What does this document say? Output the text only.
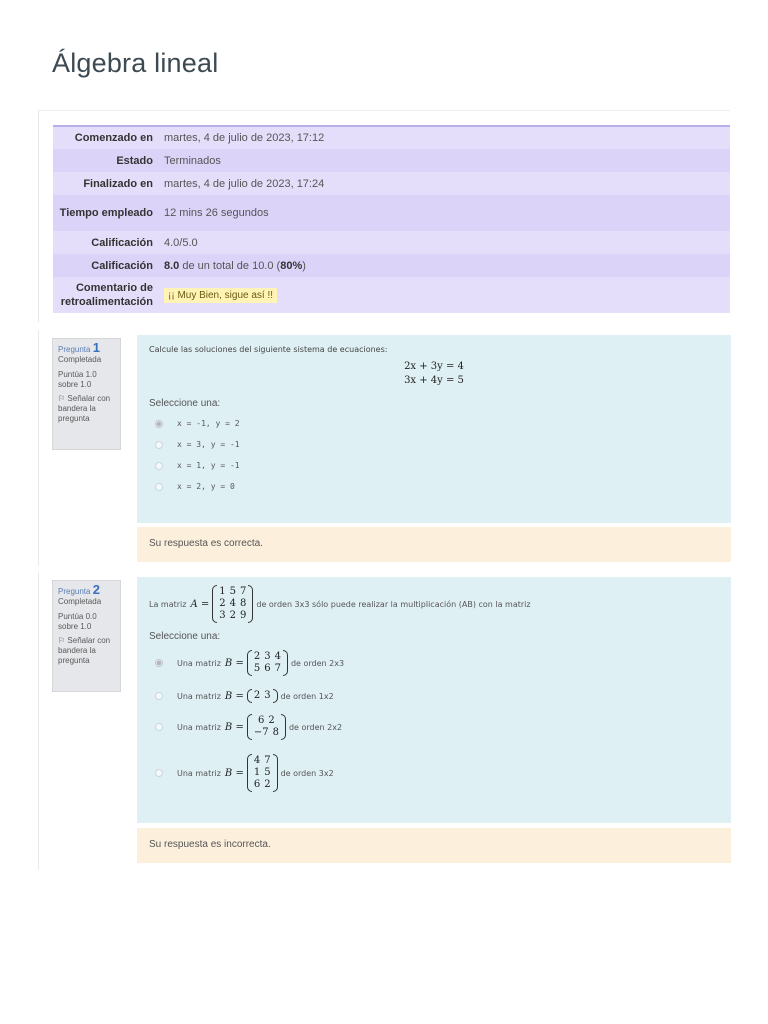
Álgebra lineal
Comenzado en	martes, 4 de julio de 2023, 17:12
Estado	Terminados
Finalizado en	martes, 4 de julio de 2023, 17:24
Tiempo empleado	12 mins 26 segundos
Calificación	4.0/5.0
Calificación	8.0 de un total de 10.0 (80%)
Comentario de retroalimentación	¡¡ Muy Bien, sigue así !!
Pregunta 1
Completada
Puntúa 1.0 sobre 1.0
⚐ Señalar con bandera la pregunta
Calcule las soluciones del siguiente sistema de ecuaciones:
2x + 3y = 4
3x + 4y = 5
Seleccione una:
x = -1, y = 2
x = 3, y = -1
x = 1, y = -1
x = 2, y = 0
Su respuesta es correcta.
Pregunta 2
Completada
Puntúa 0.0 sobre 1.0
⚐ Señalar con bandera la pregunta
La matriz A =
1 5 7
2 4 8
3 2 9
de orden 3x3 sólo puede realizar la multiplicación (AB) con la matriz
Seleccione una:
Una matriz B =
2 3 4
5 6 7 de orden 2x3
Una matriz B = 2 3 de orden 1x2
Una matriz B =
6 2
−7 8 de orden 2x2
Una matriz B =
4 7
1 5
6 2
de orden 3x2
Su respuesta es incorrecta.
